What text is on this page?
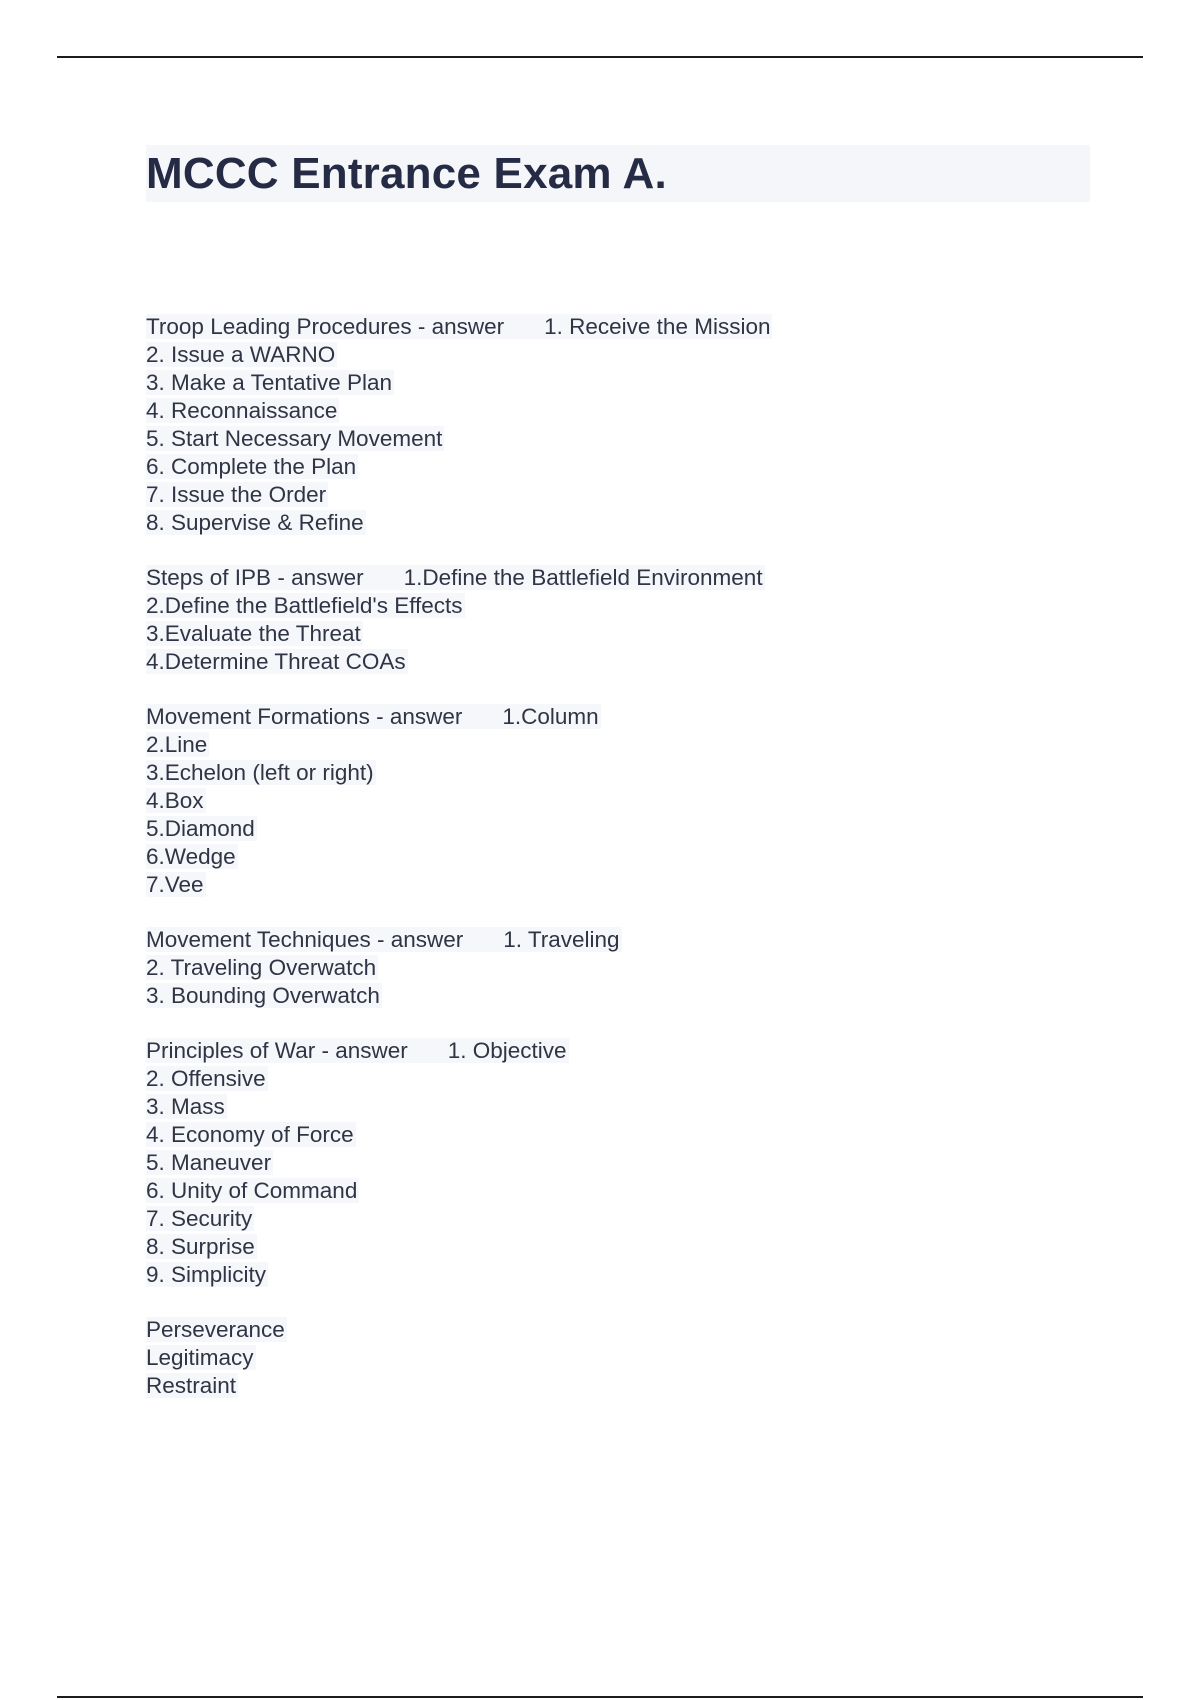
MCCC Entrance Exam A.
Troop Leading Procedures - answer 1. Receive the Mission
2. Issue a WARNO
3. Make a Tentative Plan
4. Reconnaissance
5. Start Necessary Movement
6. Complete the Plan
7. Issue the Order
8. Supervise & Refine
Steps of IPB - answer 1.Define the Battlefield Environment
2.Define the Battlefield's Effects
3.Evaluate the Threat
4.Determine Threat COAs
Movement Formations - answer 1.Column
2.Line
3.Echelon (left or right)
4.Box
5.Diamond
6.Wedge
7.Vee
Movement Techniques - answer 1. Traveling
2. Traveling Overwatch
3. Bounding Overwatch
Principles of War - answer 1. Objective
2. Offensive
3. Mass
4. Economy of Force
5. Maneuver
6. Unity of Command
7. Security
8. Surprise
9. Simplicity
Perseverance
Legitimacy
Restraint
